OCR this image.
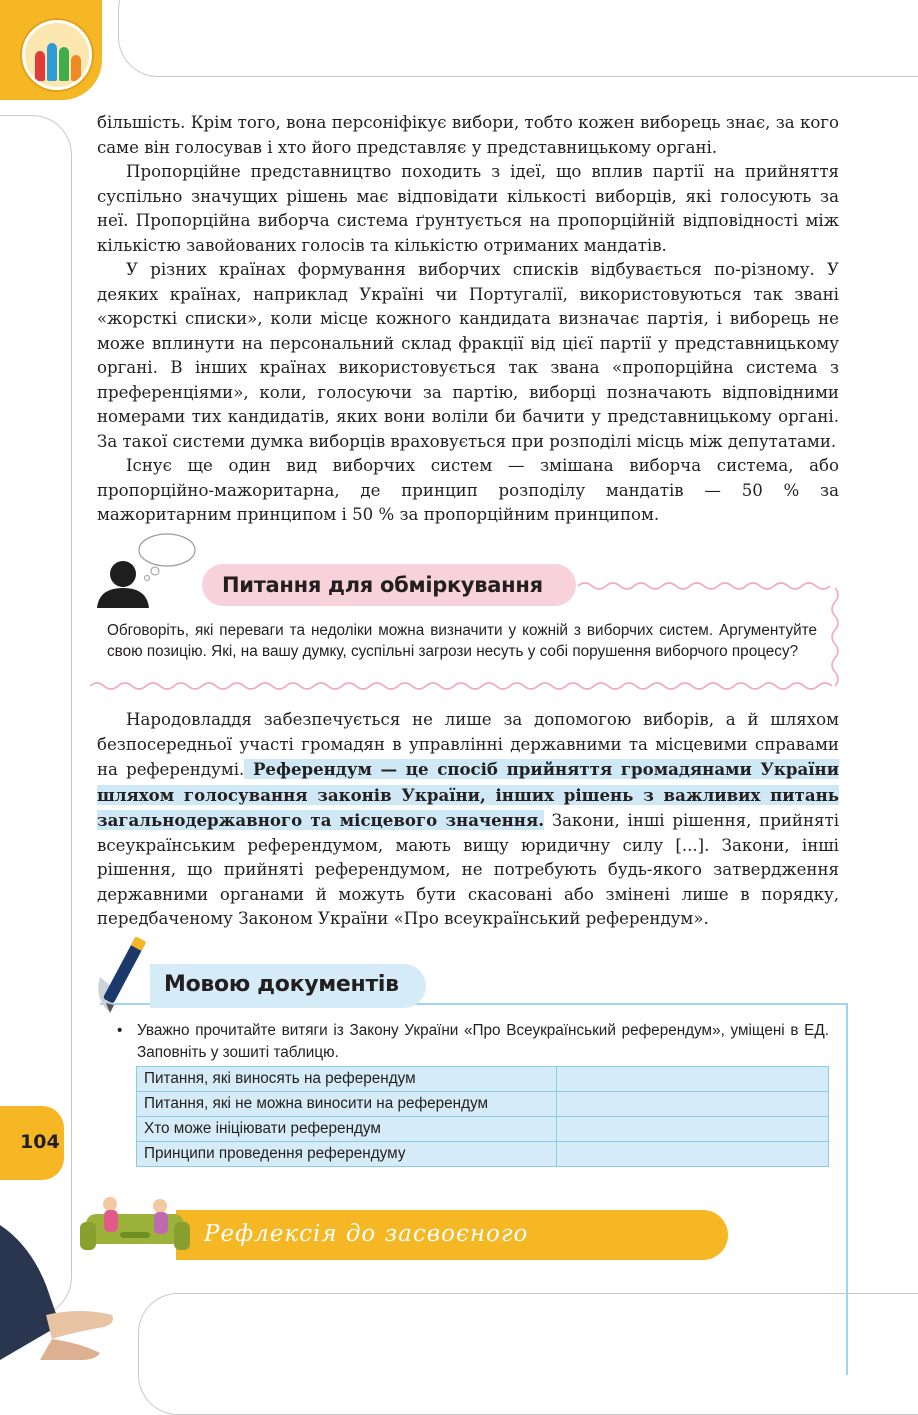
104

більшість. Крім того, вона персоніфікує вибори, тобто кожен виборець знає, за кого саме він голосував і хто його представляє у представницькому органі.

Пропорційне представництво походить з ідеї, що вплив партії на прийняття суспільно значущих рішень має відповідати кількості виборців, які голосують за неї. Пропорційна виборча система ґрунтується на пропорційній відповідності між кількістю завойованих голосів та кількістю отриманих мандатів.

У різних країнах формування виборчих списків відбувається по-різному. У деяких країнах, наприклад Україні чи Португалії, використовуються так звані «жорсткі списки», коли місце кожного кандидата визначає партія, і виборець не може вплинути на персональний склад фракції від цієї партії у представницькому органі. В інших країнах використовується так звана «пропорційна система з преференціями», коли, голосуючи за партію, виборці позначають відповідними номерами тих кандидатів, яких вони воліли би бачити у представницькому органі. За такої системи думка виборців враховується при розподілі місць між депутатами.

Існує ще один вид виборчих систем — змішана виборча система, або пропорційно-мажоритарна, де принцип розподілу мандатів — 50 % за мажоритарним принципом і 50 % за пропорційним принципом.

Питання для обміркування
Обговоріть, які переваги та недоліки можна визначити у кожній з виборчих систем. Аргументуйте свою позицію. Які, на вашу думку, суспільні загрози несуть у собі порушення виборчого процесу?

Народовладдя забезпечується не лише за допомогою виборів, а й шляхом безпосередньої участі громадян в управлінні державними та місцевими справами на референдумі. Референдум — це спосіб прийняття громадянами України шляхом голосування законів України, інших рішень з важливих питань загальнодержавного та місцевого значення. Закони, інші рішення, прийняті всеукраїнським референдумом, мають вищу юридичну силу [...]. Закони, інші рішення, що прийняті референдумом, не потребують будь-якого затвердження державними органами й можуть бути скасовані або змінені лише в порядку, передбаченому Законом України «Про всеукраїнський референдум».

Мовою документів
• Уважно прочитайте витяги із Закону України «Про Всеукраїнський референдум», уміщені в ЕД. Заповніть у зошиті таблицю.
Питання, які виносять на референдум	
Питання, які не можна виносити на референдум	
Хто може ініціювати референдум	
Принципи проведення референдуму	
Рефлексія до засвоєного
